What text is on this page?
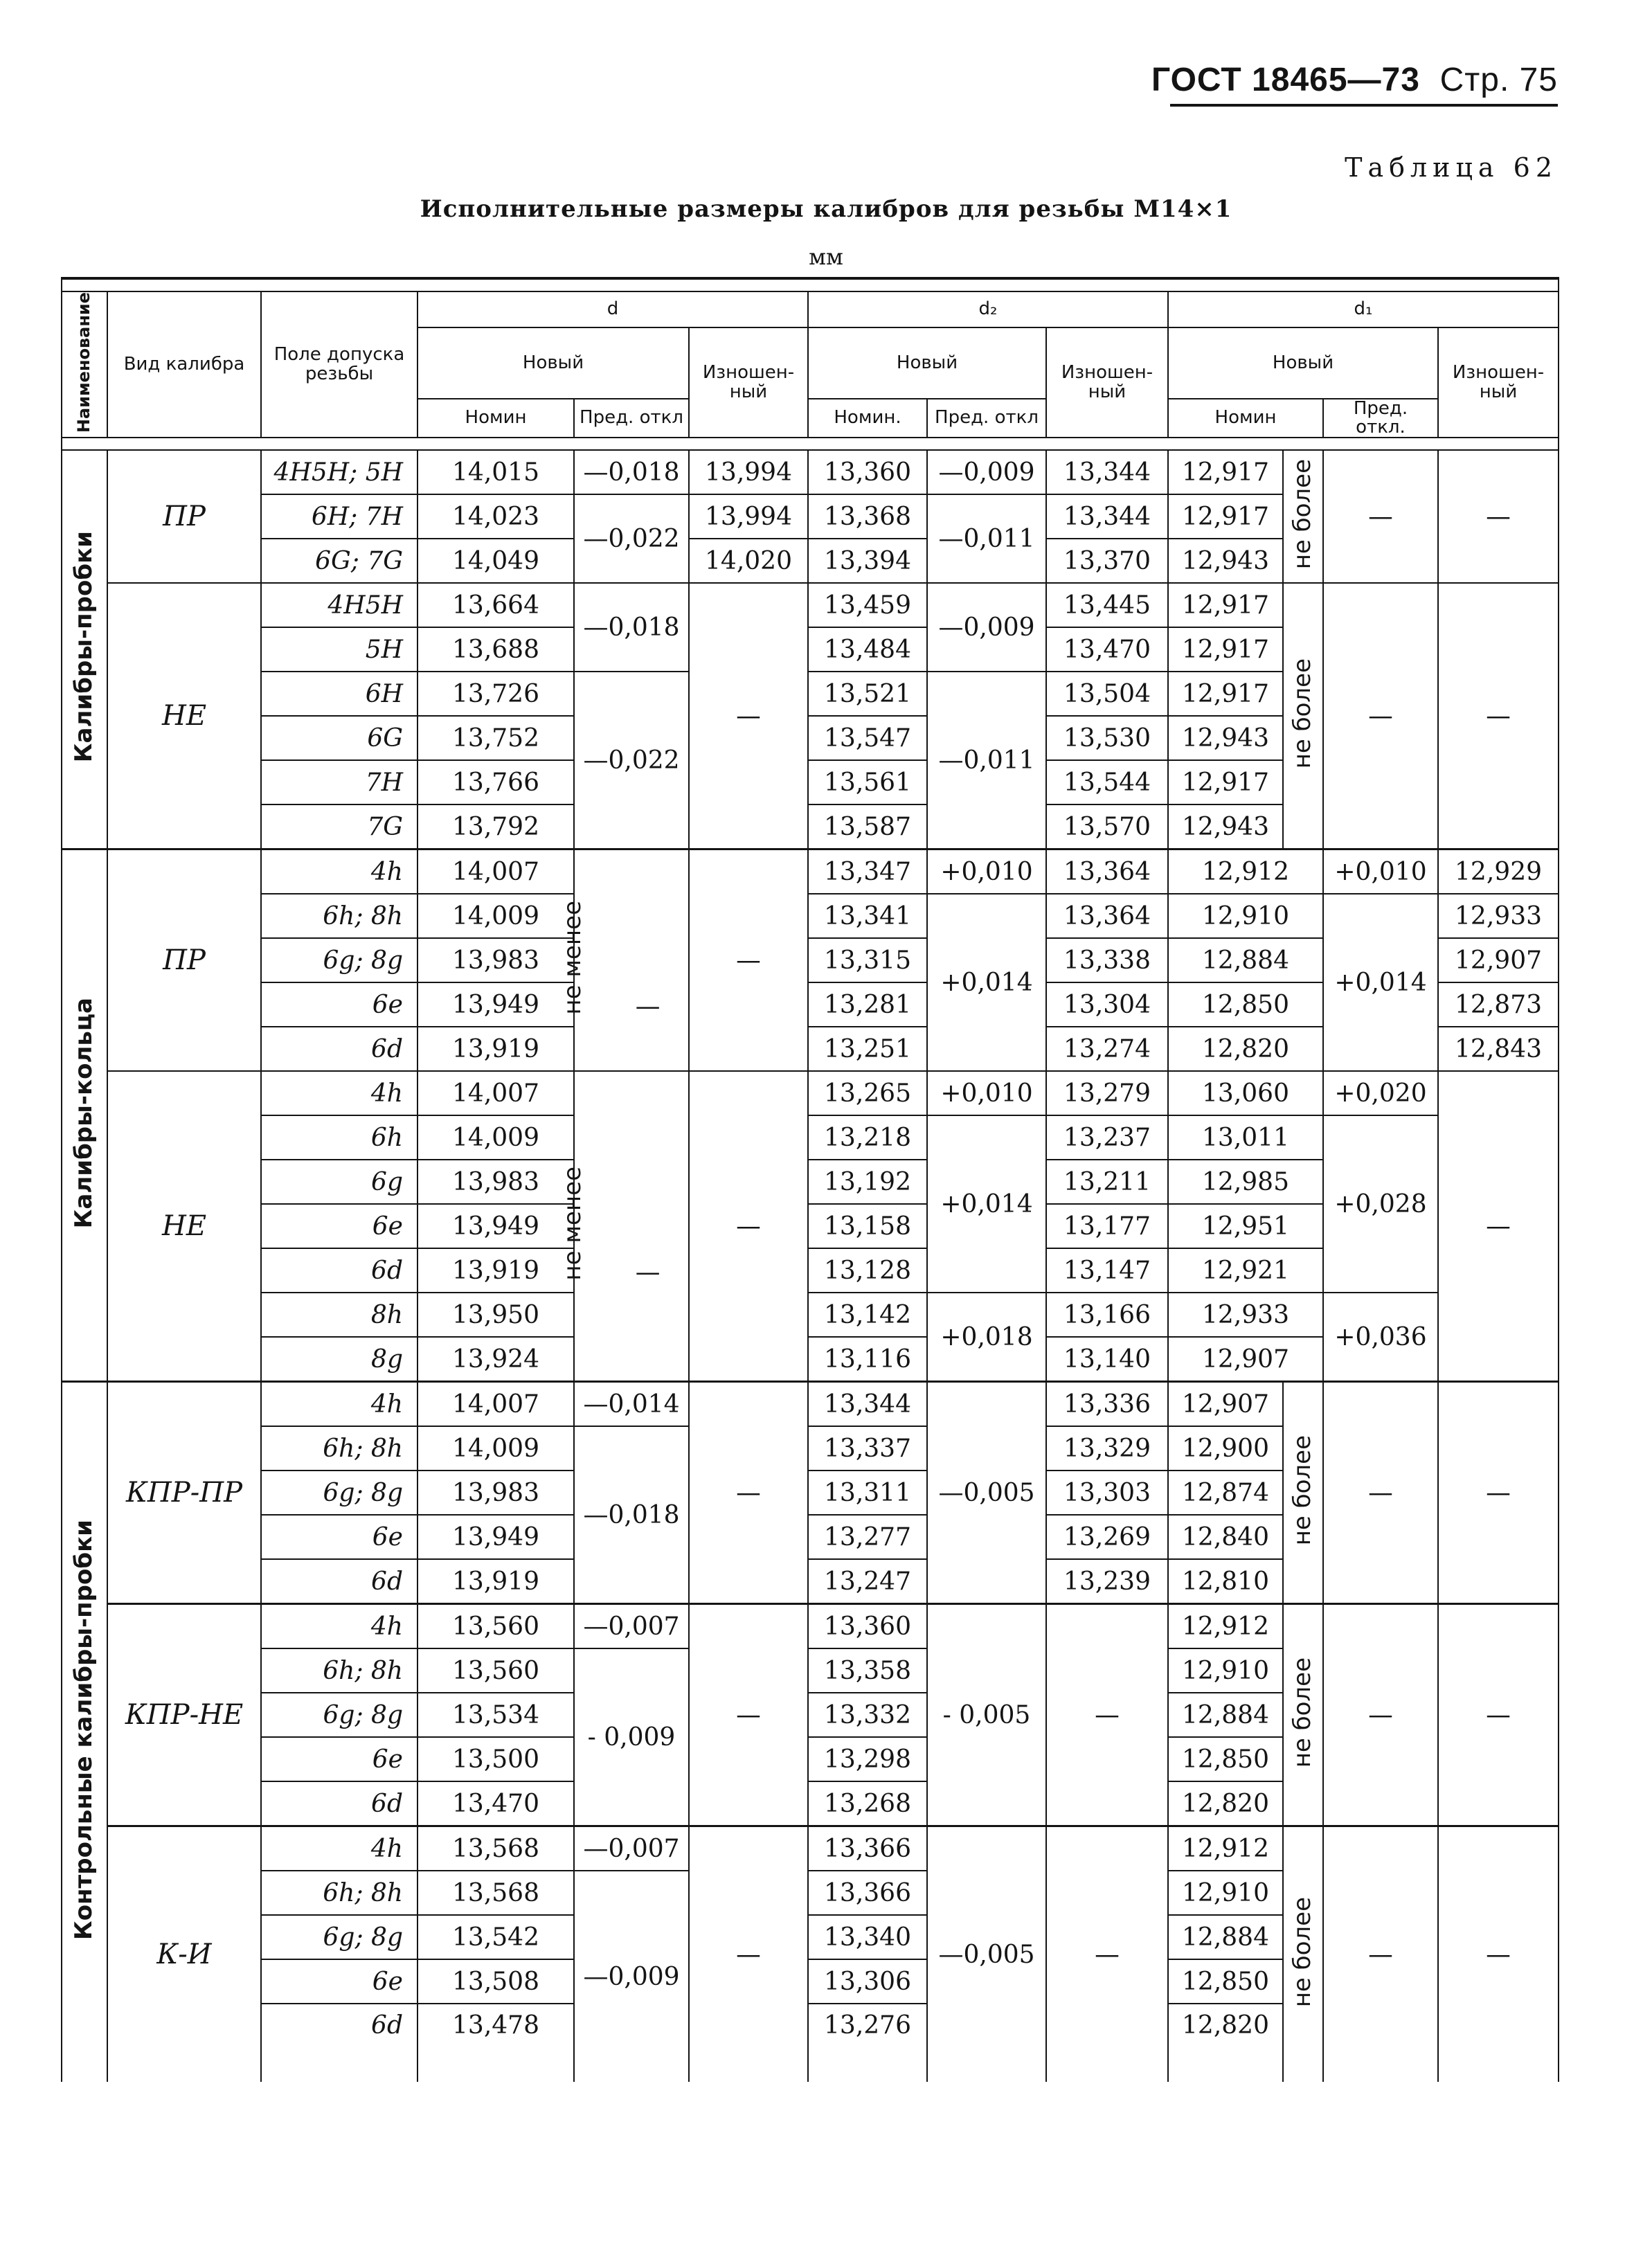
ГОСТ 18465—73 Стр. 75
Таблица 62
Исполнительные размеры калибров для резьбы М14×1
мм

Наименование	Вид калибра	Поле допуска резьбы	d			d₂			d₁			
			Новый		Изношен- ный	Новый		Изношен- ный	Новый			Изношен- ный
			Номин	Пред. откл		Номин.	Пред. откл		Номин		Пред. откл.	

Калибры-пробки	ПР	4H5H; 5H	14,015	—0,018	13,994	13,360	—0,009	13,344	12,917	не более	—	—
		6H; 7H	14,023	—0,022	13,994	13,368	—0,011	13,344	12,917			
		6G; 7G	14,049		14,020	13,394		13,370	12,943			
	НЕ	4H5H	13,664	—0,018	—	13,459	—0,009	13,445	12,917	не более	—	—
		5H	13,688			13,484		13,470	12,917			
		6H	13,726	—0,022		13,521	—0,011	13,504	12,917			
		6G	13,752			13,547		13,530	12,943			
		7H	13,766			13,561		13,544	12,917			
		7G	13,792			13,587		13,570	12,943			
Калибры-кольца	ПР	4h	14,007	не менее —	—	13,347	+0,010	13,364	12,912		+0,010	12,929
		6h; 8h	14,009			13,341	+0,014	13,364	12,910		+0,014	12,933
		6g; 8g	13,983			13,315		13,338	12,884			12,907
		6e	13,949			13,281		13,304	12,850			12,873
		6d	13,919			13,251		13,274	12,820			12,843
	НЕ	4h	14,007	не менее —	—	13,265	+0,010	13,279	13,060		+0,020	—
		6h	14,009			13,218	+0,014	13,237	13,011		+0,028	
		6g	13,983			13,192		13,211	12,985			
		6e	13,949			13,158		13,177	12,951			
		6d	13,919			13,128		13,147	12,921			
		8h	13,950			13,142	+0,018	13,166	12,933		+0,036	
		8g	13,924			13,116		13,140	12,907			
Контрольные калибры-пробки	КПР-ПР	4h	14,007	—0,014	—	13,344	—0,005	13,336	12,907	не более	—	—
		6h; 8h	14,009	—0,018		13,337		13,329	12,900			
		6g; 8g	13,983			13,311		13,303	12,874			
		6e	13,949			13,277		13,269	12,840			
		6d	13,919			13,247		13,239	12,810			
	КПР-НЕ	4h	13,560	—0,007	—	13,360	- 0,005	—	12,912	не более	—	—
		6h; 8h	13,560	- 0,009		13,358			12,910			
		6g; 8g	13,534			13,332			12,884			
		6e	13,500			13,298			12,850			
		6d	13,470			13,268			12,820			
	К-И	4h	13,568	—0,007	—	13,366	—0,005	—	12,912	не более	—	—
		6h; 8h	13,568	—0,009		13,366			12,910			
		6g; 8g	13,542			13,340			12,884			
		6e	13,508			13,306			12,850			
		6d	13,478			13,276			12,820			
